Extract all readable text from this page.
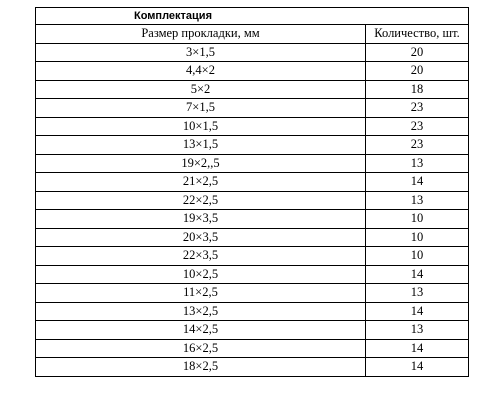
Комплектация	
Размер прокладки, мм	Количество, шт.
3×1,5	20
4,4×2	20
5×2	18
7×1,5	23
10×1,5	23
13×1,5	23
19×2,,5	13
21×2,5	14
22×2,5	13
19×3,5	10
20×3,5	10
22×3,5	10
10×2,5	14
11×2,5	13
13×2,5	14
14×2,5	13
16×2,5	14
18×2,5	14
